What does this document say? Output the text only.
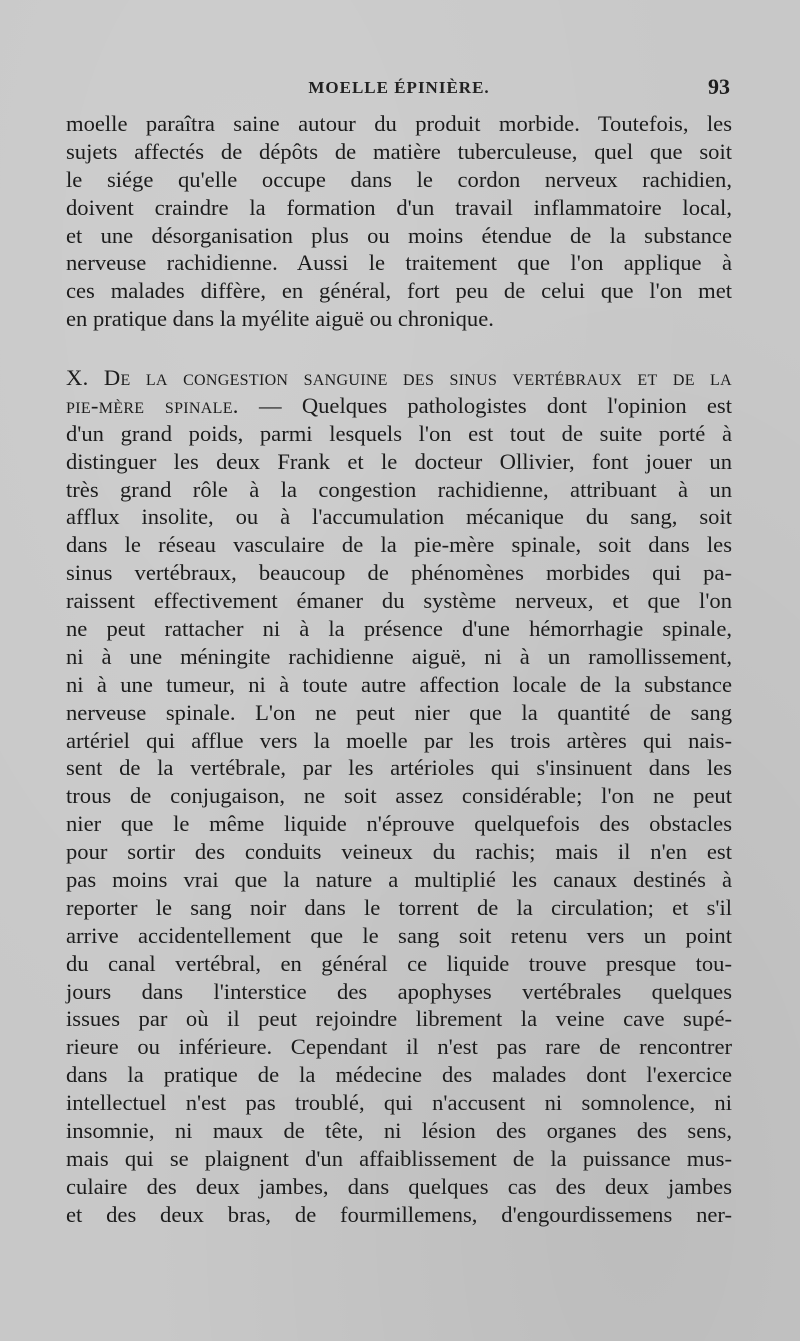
MOELLE ÉPINIÈRE.	93
moelle paraîtra saine autour du produit morbide. Toutefois, les
sujets affectés de dépôts de matière tuberculeuse, quel que soit
le siége qu'elle occupe dans le cordon nerveux rachidien,
doivent craindre la formation d'un travail inflammatoire local,
et une désorganisation plus ou moins étendue de la substance
nerveuse rachidienne. Aussi le traitement que l'on applique à
ces malades diffère, en général, fort peu de celui que l'on met
en pratique dans la myélite aiguë ou chronique.
X. De la congestion sanguine des sinus vertébraux et de la
pie-mère spinale. — Quelques pathologistes dont l'opinion est
d'un grand poids, parmi lesquels l'on est tout de suite porté à
distinguer les deux Frank et le docteur Ollivier, font jouer un
très grand rôle à la congestion rachidienne, attribuant à un
afflux insolite, ou à l'accumulation mécanique du sang, soit
dans le réseau vasculaire de la pie-mère spinale, soit dans les
sinus vertébraux, beaucoup de phénomènes morbides qui pa-
raissent effectivement émaner du système nerveux, et que l'on
ne peut rattacher ni à la présence d'une hémorrhagie spinale,
ni à une méningite rachidienne aiguë, ni à un ramollissement,
ni à une tumeur, ni à toute autre affection locale de la substance
nerveuse spinale. L'on ne peut nier que la quantité de sang
artériel qui afflue vers la moelle par les trois artères qui nais-
sent de la vertébrale, par les artérioles qui s'insinuent dans les
trous de conjugaison, ne soit assez considérable; l'on ne peut
nier que le même liquide n'éprouve quelquefois des obstacles
pour sortir des conduits veineux du rachis; mais il n'en est
pas moins vrai que la nature a multiplié les canaux destinés à
reporter le sang noir dans le torrent de la circulation; et s'il
arrive accidentellement que le sang soit retenu vers un point
du canal vertébral, en général ce liquide trouve presque tou-
jours dans l'interstice des apophyses vertébrales quelques
issues par où il peut rejoindre librement la veine cave supé-
rieure ou inférieure. Cependant il n'est pas rare de rencontrer
dans la pratique de la médecine des malades dont l'exercice
intellectuel n'est pas troublé, qui n'accusent ni somnolence, ni
insomnie, ni maux de tête, ni lésion des organes des sens,
mais qui se plaignent d'un affaiblissement de la puissance mus-
culaire des deux jambes, dans quelques cas des deux jambes
et des deux bras, de fourmillemens, d'engourdissemens ner-
